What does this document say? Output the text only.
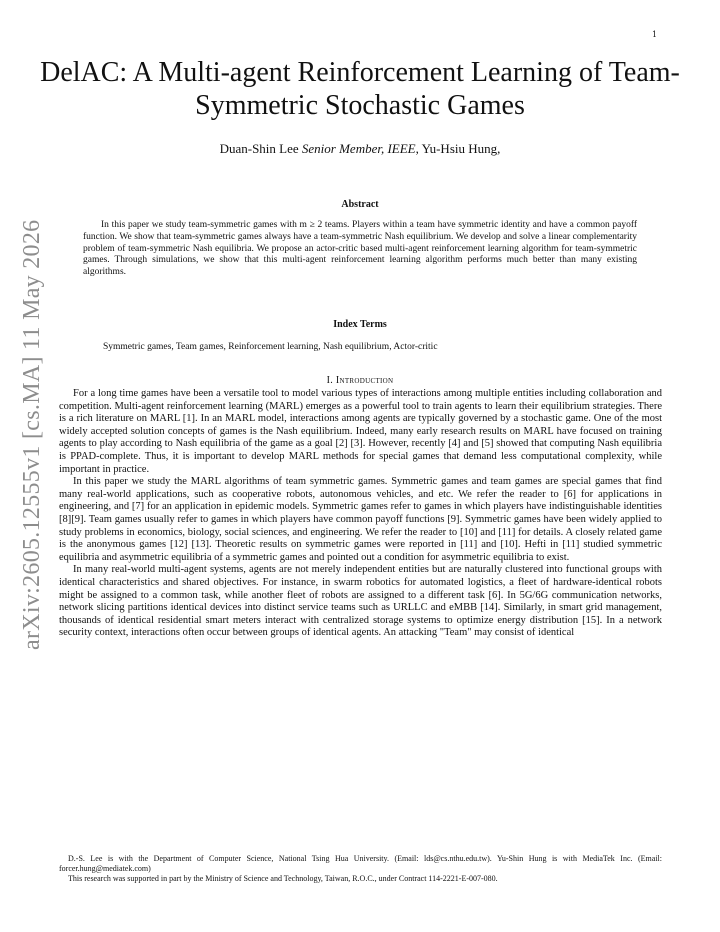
1
arXiv:2605.12555v1 [cs.MA] 11 May 2026
DelAC: A Multi-agent Reinforcement Learning of Team-Symmetric Stochastic Games
Duan-Shin Lee Senior Member, IEEE, Yu-Hsiu Hung,
Abstract

In this paper we study team-symmetric games with m ≥ 2 teams. Players within a team have symmetric identity and have a common payoff function. We show that team-symmetric games always have a team-symmetric Nash equilibrium. We develop and solve a linear complementarity problem of team-symmetric Nash equilibria. We propose an actor-critic based multi-agent reinforcement learning algorithm for team-symmetric games. Through simulations, we show that this multi-agent reinforcement learning algorithm performs much better than many existing algorithms.

Index Terms
Symmetric games, Team games, Reinforcement learning, Nash equilibrium, Actor-critic
I. Introduction

For a long time games have been a versatile tool to model various types of interactions among multiple entities including collaboration and competition. Multi-agent reinforcement learning (MARL) emerges as a powerful tool to train agents to learn their equilibrium strategies. There is a rich literature on MARL [1]. In an MARL model, interactions among agents are typically governed by a stochastic game. One of the most widely accepted solution concepts of games is the Nash equilibrium. Indeed, many early research results on MARL have focused on training agents to play according to Nash equilibria of the game as a goal [2] [3]. However, recently [4] and [5] showed that computing Nash equilibria is PPAD-complete. Thus, it is important to develop MARL methods for special games that demand less computational complexity, while important in practice.

In this paper we study the MARL algorithms of team symmetric games. Symmetric games and team games are special games that find many real-world applications, such as cooperative robots, autonomous vehicles, and etc. We refer the reader to [6] for applications in engineering, and [7] for an application in epidemic models. Symmetric games refer to games in which players have indistinguishable identities [8][9]. Team games usually refer to games in which players have common payoff functions [9]. Symmetric games have been widely applied to study problems in economics, biology, social sciences, and engineering. We refer the reader to [10] and [11] for details. A closely related game is the anonymous games [12] [13]. Theoretic results on symmetric games were reported in [11] and [10]. Hefti in [11] studied symmetric equilibria and asymmetric equilibria of a symmetric games and pointed out a condition for asymmetric equilibria to exist.

In many real-world multi-agent systems, agents are not merely independent entities but are naturally clustered into functional groups with identical characteristics and shared objectives. For instance, in swarm robotics for automated logistics, a fleet of hardware-identical robots might be assigned to a common task, while another fleet of robots are assigned to a different task [6]. In 5G/6G communication networks, network slicing partitions identical devices into distinct service teams such as URLLC and eMBB [14]. Similarly, in smart grid management, thousands of identical residential smart meters interact with centralized storage systems to optimize energy distribution [15]. In a network security context, interactions often occur between groups of identical agents. An attacking "Team" may consist of identical

D.-S. Lee is with the Department of Computer Science, National Tsing Hua University. (Email: lds@cs.nthu.edu.tw). Yu-Shin Hung is with MediaTek Inc. (Email: forcer.hung@mediatek.com)

This research was supported in part by the Ministry of Science and Technology, Taiwan, R.O.C., under Contract 114-2221-E-007-080.
